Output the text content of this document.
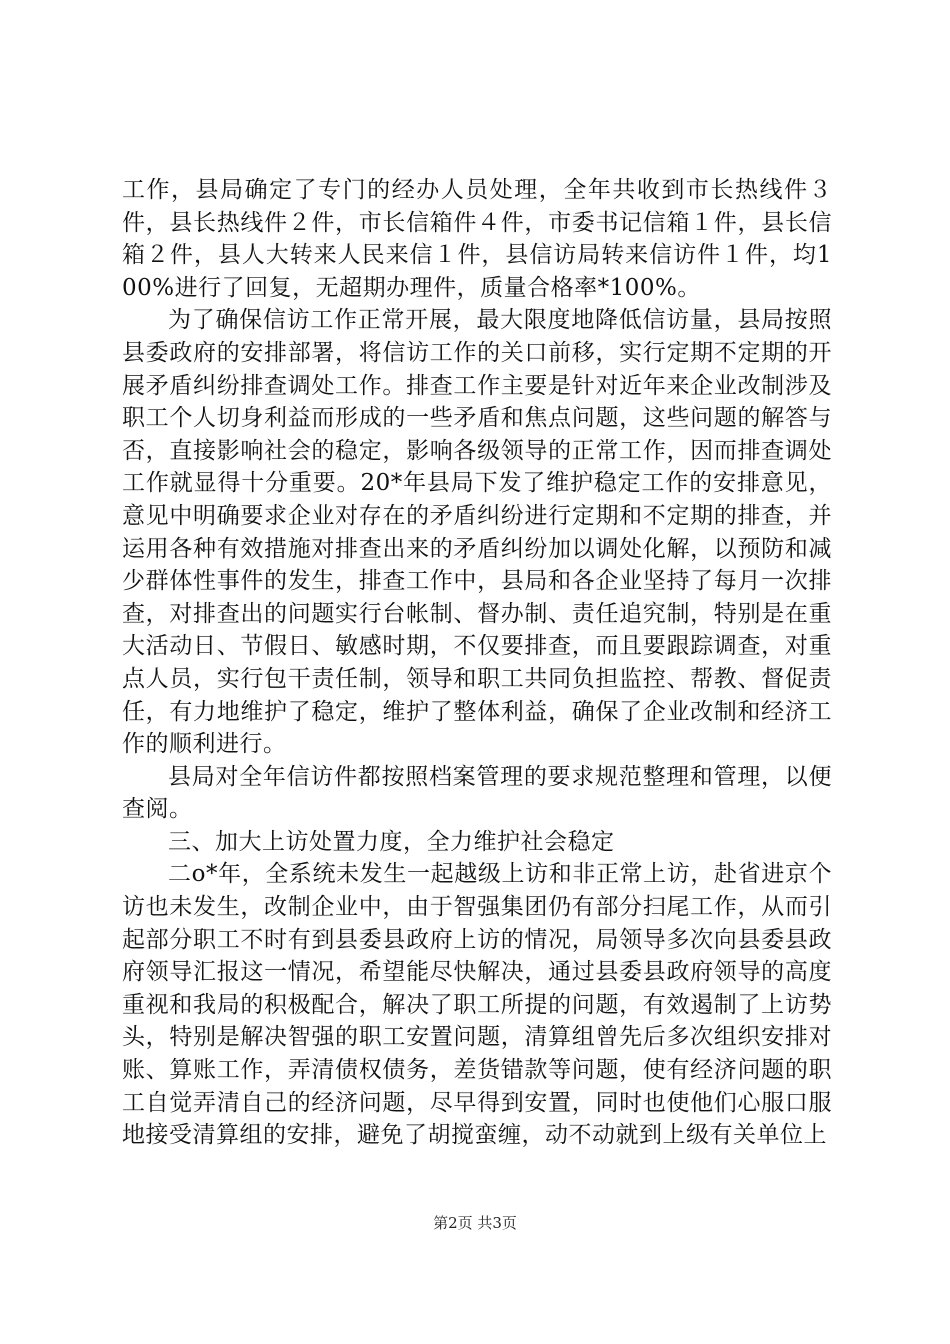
工作，县局确定了专门的经办人员处理，全年共收到市长热线件３件，县长热线件２件，市长信箱件４件，市委书记信箱１件，县长信箱２件，县人大转来人民来信１件，县信访局转来信访件１件，均100%进行了回复，无超期办理件，质量合格率*100%。

为了确保信访工作正常开展，最大限度地降低信访量，县局按照县委政府的安排部署，将信访工作的关口前移，实行定期不定期的开展矛盾纠纷排查调处工作。排查工作主要是针对近年来企业改制涉及职工个人切身利益而形成的一些矛盾和焦点问题，这些问题的解答与否，直接影响社会的稳定，影响各级领导的正常工作，因而排查调处工作就显得十分重要。20*年县局下发了维护稳定工作的安排意见，意见中明确要求企业对存在的矛盾纠纷进行定期和不定期的排查，并运用各种有效措施对排查出来的矛盾纠纷加以调处化解，以预防和减少群体性事件的发生，排查工作中，县局和各企业坚持了每月一次排查，对排查出的问题实行台帐制、督办制、责任追究制，特别是在重大活动日、节假日、敏感时期，不仅要排查，而且要跟踪调查，对重点人员，实行包干责任制，领导和职工共同负担监控、帮教、督促责任，有力地维护了稳定，维护了整体利益，确保了企业改制和经济工作的顺利进行。

县局对全年信访件都按照档案管理的要求规范整理和管理，以便查阅。

三、加大上访处置力度，全力维护社会稳定

二o*年，全系统未发生一起越级上访和非正常上访，赴省进京个访也未发生，改制企业中，由于智强集团仍有部分扫尾工作，从而引起部分职工不时有到县委县政府上访的情况，局领导多次向县委县政府领导汇报这一情况，希望能尽快解决，通过县委县政府领导的高度重视和我局的积极配合，解决了职工所提的问题，有效遏制了上访势头，特别是解决智强的职工安置问题，清算组曾先后多次组织安排对账、算账工作，弄清债权债务，差货错款等问题，使有经济问题的职工自觉弄清自己的经济问题，尽早得到安置，同时也使他们心服口服地接受清算组的安排，避免了胡搅蛮缠，动不动就到上级有关单位上

第2页 共3页
